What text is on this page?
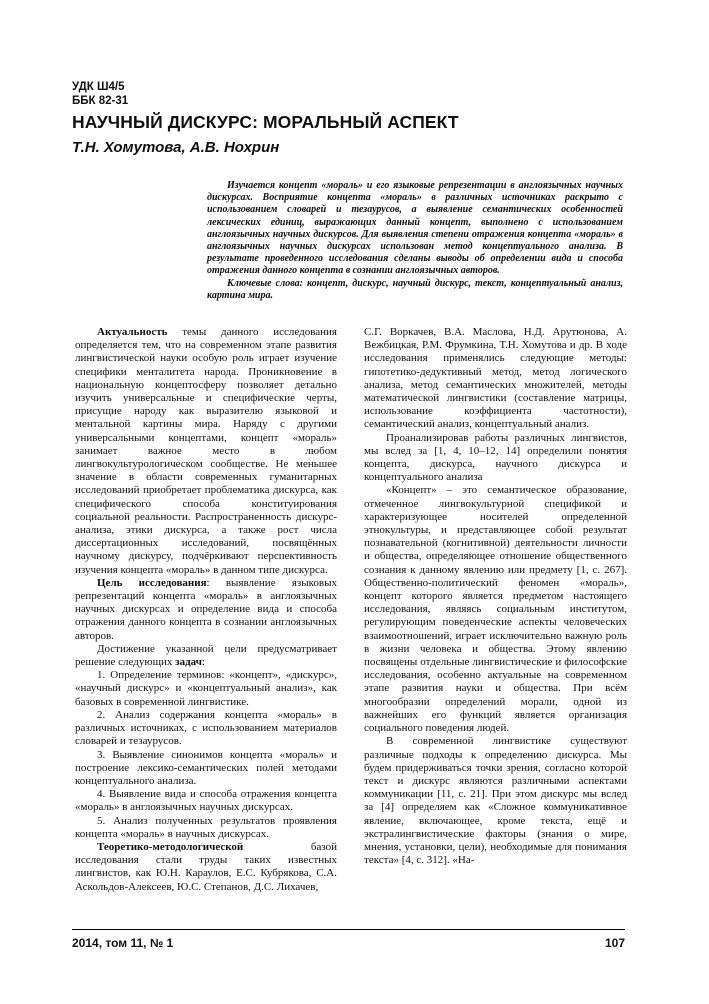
УДК Ш4/5
ББК 82-31
НАУЧНЫЙ ДИСКУРС: МОРАЛЬНЫЙ АСПЕКТ
Т.Н. Хомутова, А.В. Нохрин

Изучается концепт «мораль» и его языковые репрезентации в англоязычных научных дискурсах. Восприятие концепта «мораль» в различных источниках раскрыто с использованием словарей и тезаурусов, а выявление семантических особенностей лексических единиц, выражающих данный концепт, выполнено с использованием англоязычных научных дискурсов. Для выявления степени отражения концепта «мораль» в англоязычных научных дискурсах использован метод концептуального анализа. В результате проведенного исследования сделаны выводы об определении вида и способа отражения данного концепта в сознании англоязычных авторов.

Ключевые слова: концепт, дискурс, научный дискурс, текст, концептуальный анализ, картина мира.

Актуальность темы данного исследования определяется тем, что на современном этапе развития лингвистической науки особую роль играет изучение специфики менталитета народа. Проникновение в национальную концептосферу позволяет детально изучить универсальные и специфические черты, присущие народу как выразителю языковой и ментальной картины мира. Наряду с другими универсальными концептами, концепт «мораль» занимает важное место в любом лингвокультурологическом сообществе. Не меньшее значение в области современных гуманитарных исследований приобретает проблематика дискурса, как специфического способа конституирования социальной реальности. Распространенность дискурс-анализа, этики дискурса, а также рост числа диссертационных исследований, посвящённых научному дискурсу, подчёркивают перспективность изучения концепта «мораль» в данном типе дискурса.

Цель исследования: выявление языковых репрезентаций концепта «мораль» в англоязычных научных дискурсах и определение вида и способа отражения данного концепта в сознании англоязычных авторов.

Достижение указанной цели предусматривает решение следующих задач:

1. Определение терминов: «концепт», «дискурс», «научный дискурс» и «концептуальный анализ», как базовых в современной лингвистике.

2. Анализ содержания концепта «мораль» в различных источниках, с использованием материалов словарей и тезаурусов.

3. Выявление синонимов концепта «мораль» и построение лексико-семантических полей методами концептуального анализа.

4. Выявление вида и способа отражения концепта «мораль» в англоязычных научных дискурсах.

5. Анализ полученных результатов проявления концепта «мораль» в научных дискурсах.

Теоретико-методологической базой исследования стали труды таких известных лингвистов, как Ю.Н. Караулов, Е.С. Кубрякова, С.А. Аскольдов-Алексеев, Ю.С. Степанов, Д.С. Лихачев,

С.Г. Воркачев, В.А. Маслова, Н.Д. Арутюнова, А. Вежбицкая, Р.М. Фрумкина, Т.Н. Хомутова и др. В ходе исследования применялись следующие методы: гипотетико-дедуктивный метод, метод логического анализа, метод семантических множителей, методы математической лингвистики (составление матрицы, использование коэффициента частотности), семантический анализ, концептуальный анализ.

Проанализировав работы различных лингвистов, мы вслед за [1, 4, 10–12, 14] определили понятия концепта, дискурса, научного дискурса и концептуального анализа

«Концепт» – это семантическое образование, отмеченное лингвокультурной спецификой и характеризующее носителей определенной этнокультуры, и представляющее собой результат познавательной (когнитивной) деятельности личности и общества, определяющее отношение общественного сознания к данному явлению или предмету [1, с. 267]. Общественно-политический феномен «мораль», концепт которого является предметом настоящего исследования, являясь социальным институтом, регулирующим поведенческие аспекты человеческих взаимоотношений, играет исключительно важную роль в жизни человека и общества. Этому явлению посвящены отдельные лингвистические и философские исследования, особенно актуальные на современном этапе развития науки и общества. При всём многообразии определений морали, одной из важнейших его функций является организация социального поведения людей.

В современной лингвистике существуют различные подходы к определению дискурса. Мы будем придерживаться точки зрения, согласно которой текст и дискурс являются различными аспектами коммуникации [11, с. 21]. При этом дискурс мы вслед за [4] определяем как «Сложное коммуникативное явление, включающее, кроме текста, ещё и экстралингвистические факторы (знания о мире, мнения, установки, цели), необходимые для понимания текста» [4, с. 312]. «На-

2014, том 11, № 1	107
